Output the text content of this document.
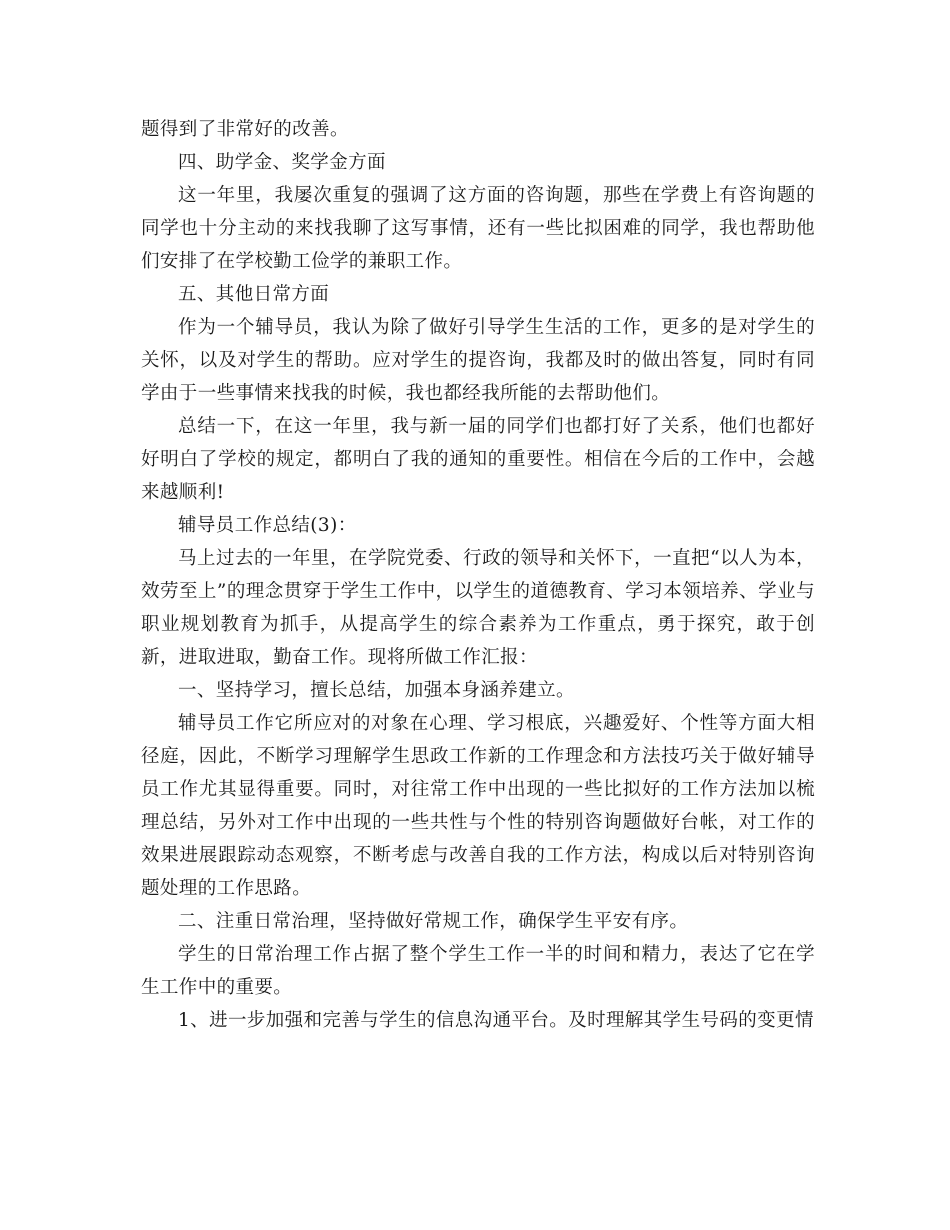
题得到了非常好的改善。

四、助学金、奖学金方面

这一年里，我屡次重复的强调了这方面的咨询题，那些在学费上有咨询题的同学也十分主动的来找我聊了这写事情，还有一些比拟困难的同学，我也帮助他们安排了在学校勤工俭学的兼职工作。

五、其他日常方面

作为一个辅导员，我认为除了做好引导学生生活的工作，更多的是对学生的关怀，以及对学生的帮助。应对学生的提咨询，我都及时的做出答复，同时有同学由于一些事情来找我的时候，我也都经我所能的去帮助他们。

总结一下，在这一年里，我与新一届的同学们也都打好了关系，他们也都好好明白了学校的规定，都明白了我的通知的重要性。相信在今后的工作中，会越来越顺利!

辅导员工作总结(3)：

马上过去的一年里，在学院党委、行政的领导和关怀下，一直把“以人为本，效劳至上”的理念贯穿于学生工作中，以学生的道德教育、学习本领培养、学业与职业规划教育为抓手，从提高学生的综合素养为工作重点，勇于探究，敢于创新，进取进取，勤奋工作。现将所做工作汇报：

一、坚持学习，擅长总结，加强本身涵养建立。

辅导员工作它所应对的对象在心理、学习根底，兴趣爱好、个性等方面大相径庭，因此，不断学习理解学生思政工作新的工作理念和方法技巧关于做好辅导员工作尤其显得重要。同时，对往常工作中出现的一些比拟好的工作方法加以梳理总结，另外对工作中出现的一些共性与个性的特别咨询题做好台帐，对工作的效果进展跟踪动态观察，不断考虑与改善自我的工作方法，构成以后对特别咨询题处理的工作思路。

二、注重日常治理，坚持做好常规工作，确保学生平安有序。

学生的日常治理工作占据了整个学生工作一半的时间和精力，表达了它在学生工作中的重要。

1、进一步加强和完善与学生的信息沟通平台。及时理解其学生号码的变更情
